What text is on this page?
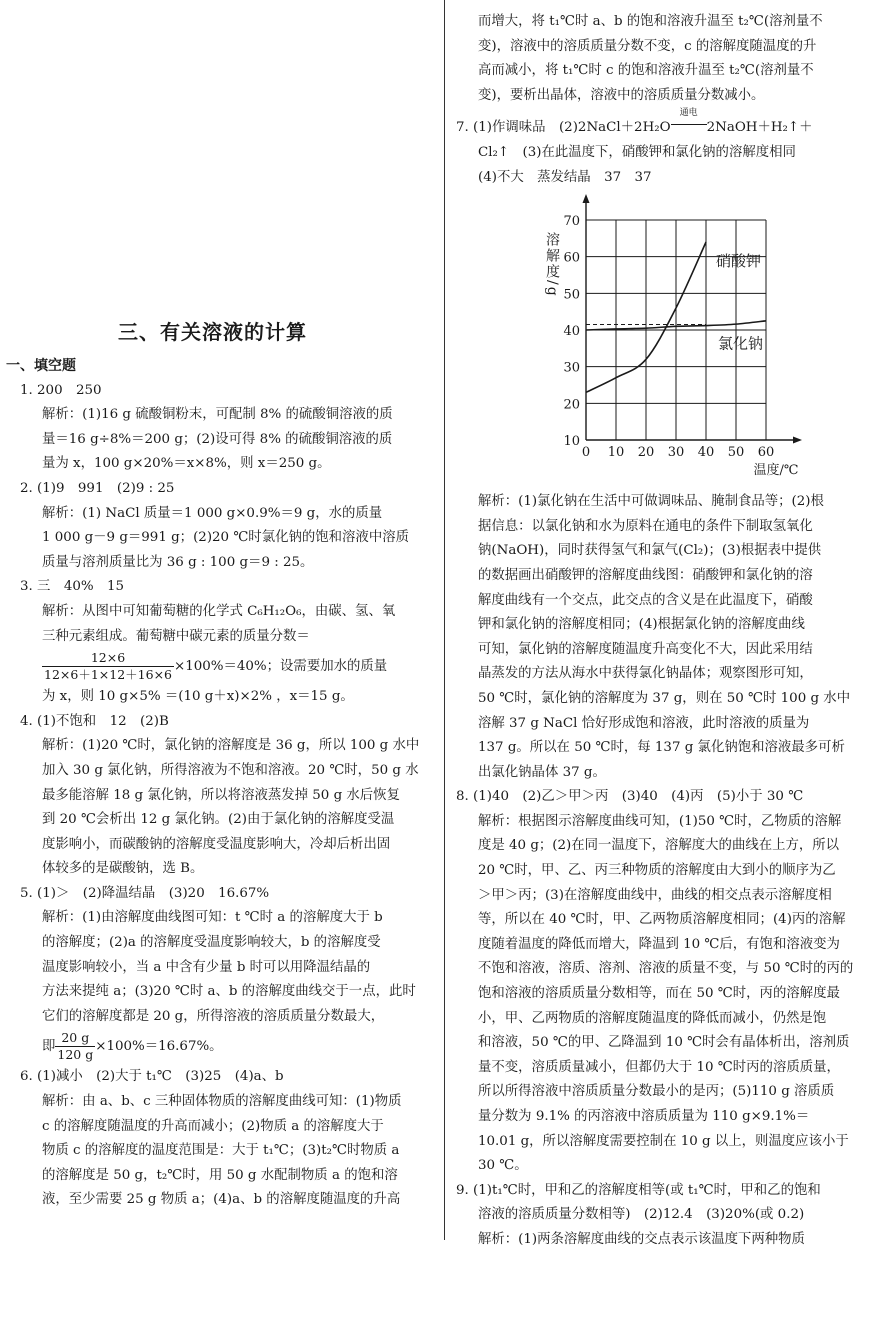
三、有关溶液的计算

一、填空题

1. 200　250

解析：(1)16 g 硫酸铜粉末，可配制 8% 的硫酸铜溶液的质

量＝16 g÷8%＝200 g；(2)设可得 8% 的硫酸铜溶液的质

量为 x，100 g×20%＝x×8%，则 x＝250 g。

2. (1)9　991　(2)9 : 25

解析：(1) NaCl 质量＝1 000 g×0.9%＝9 g，水的质量

1 000 g－9 g＝991 g；(2)20 ℃时氯化钠的饱和溶液中溶质

质量与溶剂质量比为 36 g : 100 g＝9 : 25。

3. 三　40%　15

解析：从图中可知葡萄糖的化学式 C₆H₁₂O₆，由碳、氢、氧

三种元素组成。葡萄糖中碳元素的质量分数＝

$\frac{12\times 6}{12\times 6+1\times 12+16\times 6} \times 100\%=40\%$；设需要加水的质量

为 x，则 10 g×5% ＝(10 g＋x)×2% ，x＝15 g。

4. (1)不饱和　12　(2)B

解析：(1)20 ℃时，氯化钠的溶解度是 36 g，所以 100 g 水中

加入 30 g 氯化钠，所得溶液为不饱和溶液。20 ℃时，50 g 水

最多能溶解 18 g 氯化钠，所以将溶液蒸发掉 50 g 水后恢复

到 20 ℃会析出 12 g 氯化钠。(2)由于氯化钠的溶解度受温

度影响小，而碳酸钠的溶解度受温度影响大，冷却后析出固

体较多的是碳酸钠，选 B。

5. (1)＞　(2)降温结晶　(3)20　16.67%

解析：(1)由溶解度曲线图可知：t ℃时 a 的溶解度大于 b

的溶解度；(2)a 的溶解度受温度影响较大，b 的溶解度受

温度影响较小，当 a 中含有少量 b 时可以用降温结晶的

方法来提纯 a；(3)20 ℃时 a、b 的溶解度曲线交于一点，此时

它们的溶解度都是 20 g，所得溶液的溶质质量分数最大，

即 $\frac{20 g}{120 g} \times 100\%=16.67\%$。

6. (1)减小　(2)大于 t₁℃　(3)25　(4)a、b

解析：由 a、b、c 三种固体物质的溶解度曲线可知：(1)物质

c 的溶解度随温度的升高而减小；(2)物质 a 的溶解度大于

物质 c 的溶解度的温度范围是：大于 t₁℃；(3)t₂℃时物质 a

的溶解度是 50 g，t₂℃时，用 50 g 水配制物质 a 的饱和溶

液，至少需要 25 g 物质 a；(4)a、b 的溶解度随温度的升高

而增大，将 t₁℃时 a、b 的饱和溶液升温至 t₂℃(溶剂量不

变)，溶液中的溶质质量分数不变，c 的溶解度随温度的升

高而减小，将 t₁℃时 c 的饱和溶液升温至 t₂℃(溶剂量不

变)，要析出晶体，溶液中的溶质质量分数减小。

7. (1)作调味品　(2)2NaCl＋2H₂O
通电
2NaOH＋H₂↑＋

Cl₂↑　(3)在此温度下，硝酸钾和氯化钠的溶解度相同

(4)不大　蒸发结晶　37　37

0 10 20 30 40 50 60
10
20
30
40
50
60
70
溶解度/g
温度/℃
硝酸钾
氯化钠

解析：(1)氯化钠在生活中可做调味品、腌制食品等；(2)根

据信息：以氯化钠和水为原料在通电的条件下制取氢氧化

钠(NaOH)，同时获得氢气和氯气(Cl₂)；(3)根据表中提供

的数据画出硝酸钾的溶解度曲线图：硝酸钾和氯化钠的溶

解度曲线有一个交点，此交点的含义是在此温度下，硝酸

钾和氯化钠的溶解度相同；(4)根据氯化钠的溶解度曲线

可知，氯化钠的溶解度随温度升高变化不大，因此采用结

晶蒸发的方法从海水中获得氯化钠晶体；观察图形可知，

50 ℃时，氯化钠的溶解度为 37 g，则在 50 ℃时 100 g 水中

溶解 37 g NaCl 恰好形成饱和溶液，此时溶液的质量为

137 g。所以在 50 ℃时，每 137 g 氯化钠饱和溶液最多可析

出氯化钠晶体 37 g。

8. (1)40　(2)乙＞甲＞丙　(3)40　(4)丙　(5)小于 30 ℃

解析：根据图示溶解度曲线可知，(1)50 ℃时，乙物质的溶解

度是 40 g；(2)在同一温度下，溶解度大的曲线在上方，所以

20 ℃时，甲、乙、丙三种物质的溶解度由大到小的顺序为乙

＞甲＞丙；(3)在溶解度曲线中，曲线的相交点表示溶解度相

等，所以在 40 ℃时，甲、乙两物质溶解度相同；(4)丙的溶解

度随着温度的降低而增大，降温到 10 ℃后，有饱和溶液变为

不饱和溶液，溶质、溶剂、溶液的质量不变，与 50 ℃时的丙的

饱和溶液的溶质质量分数相等，而在 50 ℃时，丙的溶解度最

小，甲、乙两物质的溶解度随温度的降低而减小，仍然是饱

和溶液，50 ℃的甲、乙降温到 10 ℃时会有晶体析出，溶剂质

量不变，溶质质量减小，但都仍大于 10 ℃时丙的溶质质量，

所以所得溶液中溶质质量分数最小的是丙；(5)110 g 溶质质

量分数为 9.1% 的丙溶液中溶质质量为 110 g×9.1%＝

10.01 g，所以溶解度需要控制在 10 g 以上，则温度应该小于

30 ℃。

9. (1)t₁℃时，甲和乙的溶解度相等(或 t₁℃时，甲和乙的饱和

溶液的溶质质量分数相等)　(2)12.4　(3)20%(或 0.2)

解析：(1)两条溶解度曲线的交点表示该温度下两种物质
